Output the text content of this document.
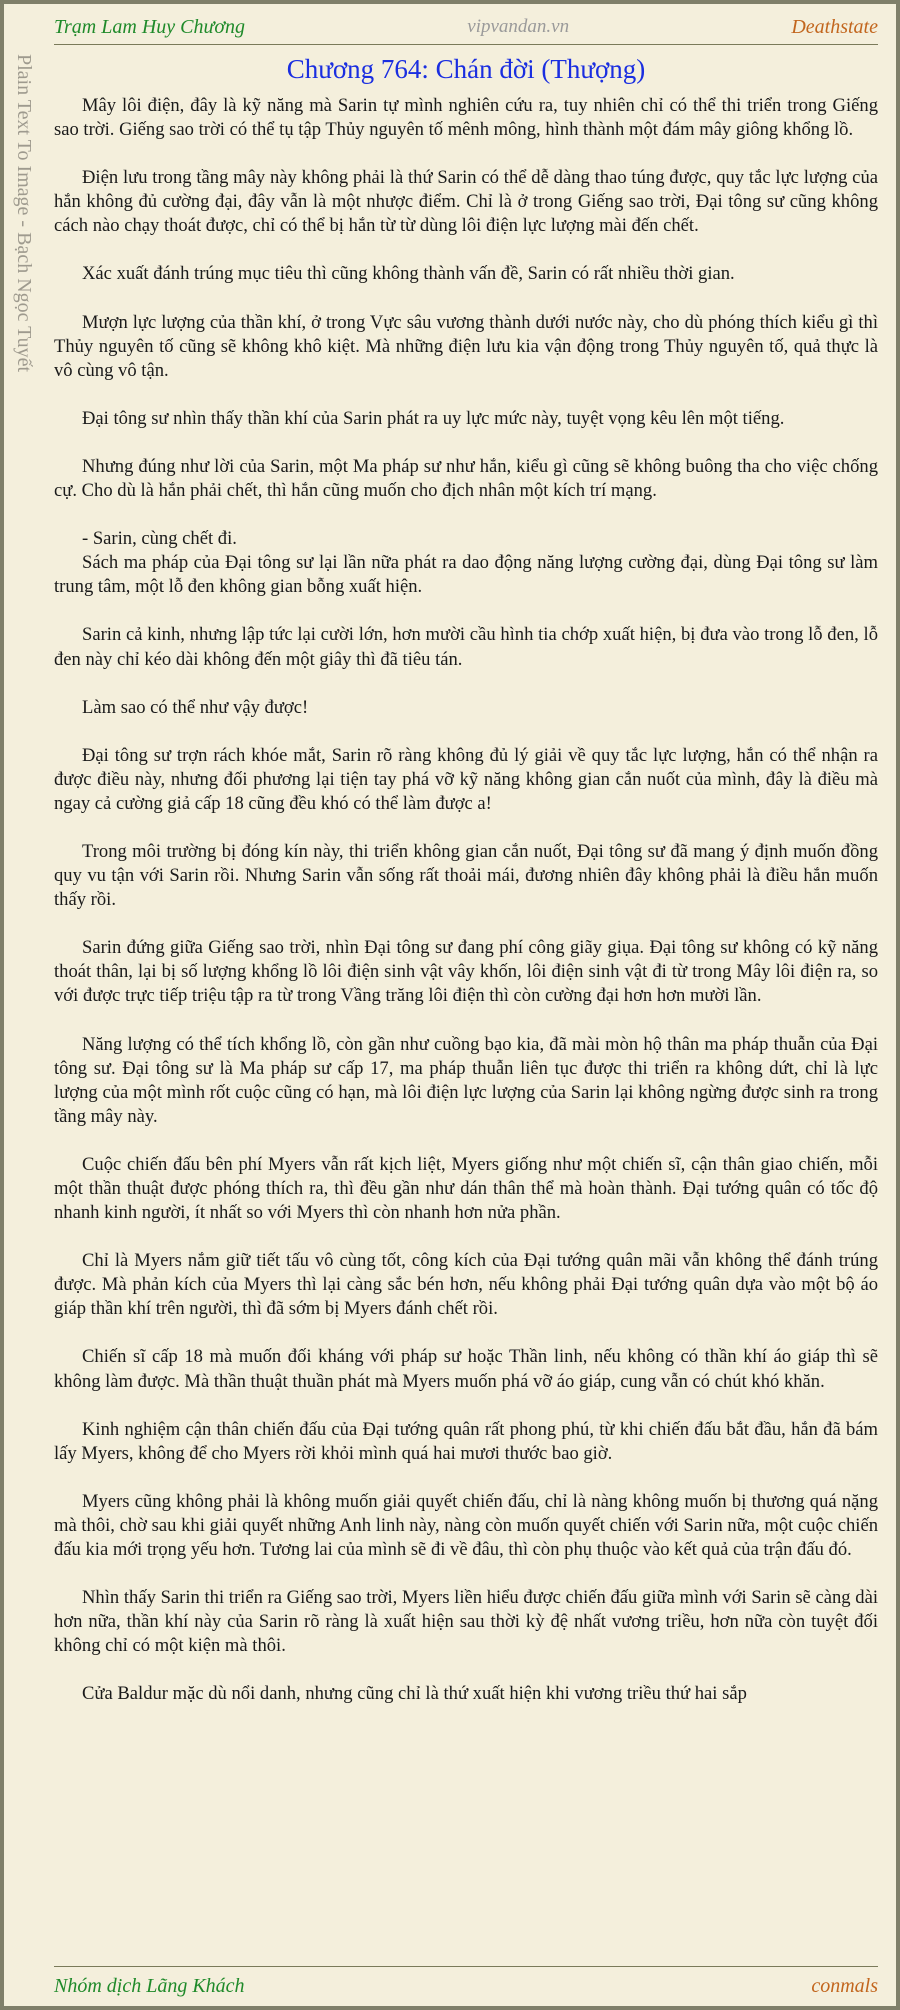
Trạm Lam Huy Chương	vipvandan.vn	Deathstate
Plain Text To Image - Bạch Ngọc Tuyết	Chương 764: Chán đời (Thượng)

Mây lôi điện, đây là kỹ năng mà Sarin tự mình nghiên cứu ra, tuy nhiên chỉ có thể thi triển trong Giếng sao trời. Giếng sao trời có thể tụ tập Thủy nguyên tố mênh mông, hình thành một đám mây giông khổng lồ.

Điện lưu trong tầng mây này không phải là thứ Sarin có thể dễ dàng thao túng được, quy tắc lực lượng của hắn không đủ cường đại, đây vẫn là một nhược điểm. Chỉ là ở trong Giếng sao trời, Đại tông sư cũng không cách nào chạy thoát được, chỉ có thể bị hắn từ từ dùng lôi điện lực lượng mài đến chết.

Xác xuất đánh trúng mục tiêu thì cũng không thành vấn đề, Sarin có rất nhiều thời gian.

Mượn lực lượng của thần khí, ở trong Vực sâu vương thành dưới nước này, cho dù phóng thích kiểu gì thì Thủy nguyên tố cũng sẽ không khô kiệt. Mà những điện lưu kia vận động trong Thủy nguyên tố, quả thực là vô cùng vô tận.

Đại tông sư nhìn thấy thần khí của Sarin phát ra uy lực mức này, tuyệt vọng kêu lên một tiếng.

Nhưng đúng như lời của Sarin, một Ma pháp sư như hắn, kiểu gì cũng sẽ không buông tha cho việc chống cự. Cho dù là hắn phải chết, thì hắn cũng muốn cho địch nhân một kích trí mạng.

- Sarin, cùng chết đi.

Sách ma pháp của Đại tông sư lại lần nữa phát ra dao động năng lượng cường đại, dùng Đại tông sư làm trung tâm, một lỗ đen không gian bỗng xuất hiện.

Sarin cả kinh, nhưng lập tức lại cười lớn, hơn mười cầu hình tia chớp xuất hiện, bị đưa vào trong lỗ đen, lỗ đen này chỉ kéo dài không đến một giây thì đã tiêu tán.

Làm sao có thể như vậy được!

Đại tông sư trợn rách khóe mắt, Sarin rõ ràng không đủ lý giải về quy tắc lực lượng, hắn có thể nhận ra được điều này, nhưng đối phương lại tiện tay phá vỡ kỹ năng không gian cắn nuốt của mình, đây là điều mà ngay cả cường giả cấp 18 cũng đều khó có thể làm được a!

Trong môi trường bị đóng kín này, thi triển không gian cắn nuốt, Đại tông sư đã mang ý định muốn đồng quy vu tận với Sarin rồi. Nhưng Sarin vẫn sống rất thoải mái, đương nhiên đây không phải là điều hắn muốn thấy rồi.

Sarin đứng giữa Giếng sao trời, nhìn Đại tông sư đang phí công giãy giụa. Đại tông sư không có kỹ năng thoát thân, lại bị số lượng khổng lồ lôi điện sinh vật vây khốn, lôi điện sinh vật đi từ trong Mây lôi điện ra, so với được trực tiếp triệu tập ra từ trong Vầng trăng lôi điện thì còn cường đại hơn hơn mười lần.

Năng lượng có thể tích khổng lồ, còn gần như cuồng bạo kia, đã mài mòn hộ thân ma pháp thuẫn của Đại tông sư. Đại tông sư là Ma pháp sư cấp 17, ma pháp thuẫn liên tục được thi triển ra không dứt, chỉ là lực lượng của một mình rốt cuộc cũng có hạn, mà lôi điện lực lượng của Sarin lại không ngừng được sinh ra trong tầng mây này.

Cuộc chiến đấu bên phí Myers vẫn rất kịch liệt, Myers giống như một chiến sĩ, cận thân giao chiến, mỗi một thần thuật được phóng thích ra, thì đều gần như dán thân thể mà hoàn thành. Đại tướng quân có tốc độ nhanh kinh người, ít nhất so với Myers thì còn nhanh hơn nửa phần.

Chỉ là Myers nắm giữ tiết tấu vô cùng tốt, công kích của Đại tướng quân mãi vẫn không thể đánh trúng được. Mà phản kích của Myers thì lại càng sắc bén hơn, nếu không phải Đại tướng quân dựa vào một bộ áo giáp thần khí trên người, thì đã sớm bị Myers đánh chết rồi.

Chiến sĩ cấp 18 mà muốn đối kháng với pháp sư hoặc Thần linh, nếu không có thần khí áo giáp thì sẽ không làm được. Mà thần thuật thuần phát mà Myers muốn phá vỡ áo giáp, cung vẫn có chút khó khăn.

Kinh nghiệm cận thân chiến đấu của Đại tướng quân rất phong phú, từ khi chiến đấu bắt đầu, hắn đã bám lấy Myers, không để cho Myers rời khỏi mình quá hai mươi thước bao giờ.

Myers cũng không phải là không muốn giải quyết chiến đấu, chỉ là nàng không muốn bị thương quá nặng mà thôi, chờ sau khi giải quyết những Anh linh này, nàng còn muốn quyết chiến với Sarin nữa, một cuộc chiến đấu kia mới trọng yếu hơn. Tương lai của mình sẽ đi về đâu, thì còn phụ thuộc vào kết quả của trận đấu đó.

Nhìn thấy Sarin thi triển ra Giếng sao trời, Myers liền hiểu được chiến đấu giữa mình với Sarin sẽ càng dài hơn nữa, thần khí này của Sarin rõ ràng là xuất hiện sau thời kỳ đệ nhất vương triều, hơn nữa còn tuyệt đối không chỉ có một kiện mà thôi.

Cửa Baldur mặc dù nổi danh, nhưng cũng chỉ là thứ xuất hiện khi vương triều thứ hai sắp

Nhóm dịch Lãng Khách	conmals
